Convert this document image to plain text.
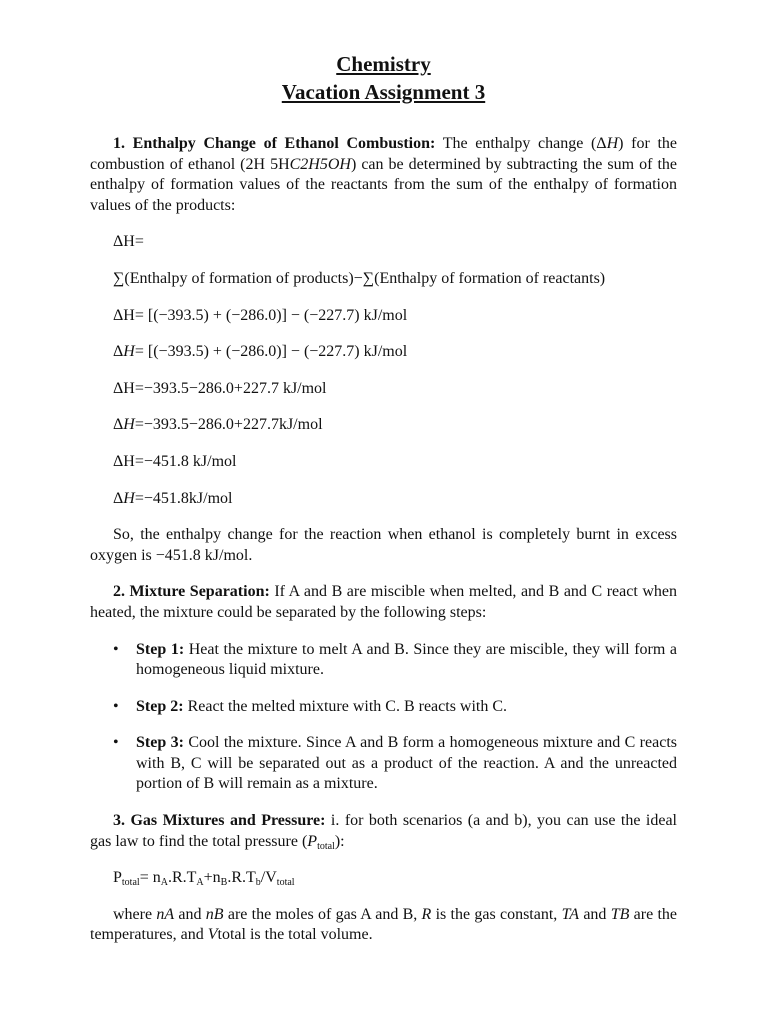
Chemistry
Vacation Assignment 3

1. Enthalpy Change of Ethanol Combustion: The enthalpy change (ΔH) for the combustion of ethanol (2H 5HC2H5OH) can be determined by subtracting the sum of the enthalpy of formation values of the reactants from the sum of the enthalpy of formation values of the products:

ΔH=

∑(Enthalpy of formation of products)−∑(Enthalpy of formation of reactants)

ΔH= [(−393.5) + (−286.0)] − (−227.7) kJ/mol

ΔH= [(−393.5) + (−286.0)] − (−227.7) kJ/mol

ΔH=−393.5−286.0+227.7 kJ/mol

ΔH=−393.5−286.0+227.7kJ/mol

ΔH=−451.8 kJ/mol

ΔH=−451.8kJ/mol

So, the enthalpy change for the reaction when ethanol is completely burnt in excess oxygen is −451.8 kJ/mol.

2. Mixture Separation: If A and B are miscible when melted, and B and C react when heated, the mixture could be separated by the following steps:

• Step 1: Heat the mixture to melt A and B. Since they are miscible, they will form a homogeneous liquid mixture.
• Step 2: React the melted mixture with C. B reacts with C.
• Step 3: Cool the mixture. Since A and B form a homogeneous mixture and C reacts with B, C will be separated out as a product of the reaction. A and the unreacted portion of B will remain as a mixture.

3. Gas Mixtures and Pressure: i. for both scenarios (a and b), you can use the ideal gas law to find the total pressure $(P_{total})$:

$P_{total}= n_A.R.T_A+n_B.R.T_b/V_{total}$

where nA and nB are the moles of gas A and B, R is the gas constant, TA and TB are the temperatures, and Vtotal is the total volume.
